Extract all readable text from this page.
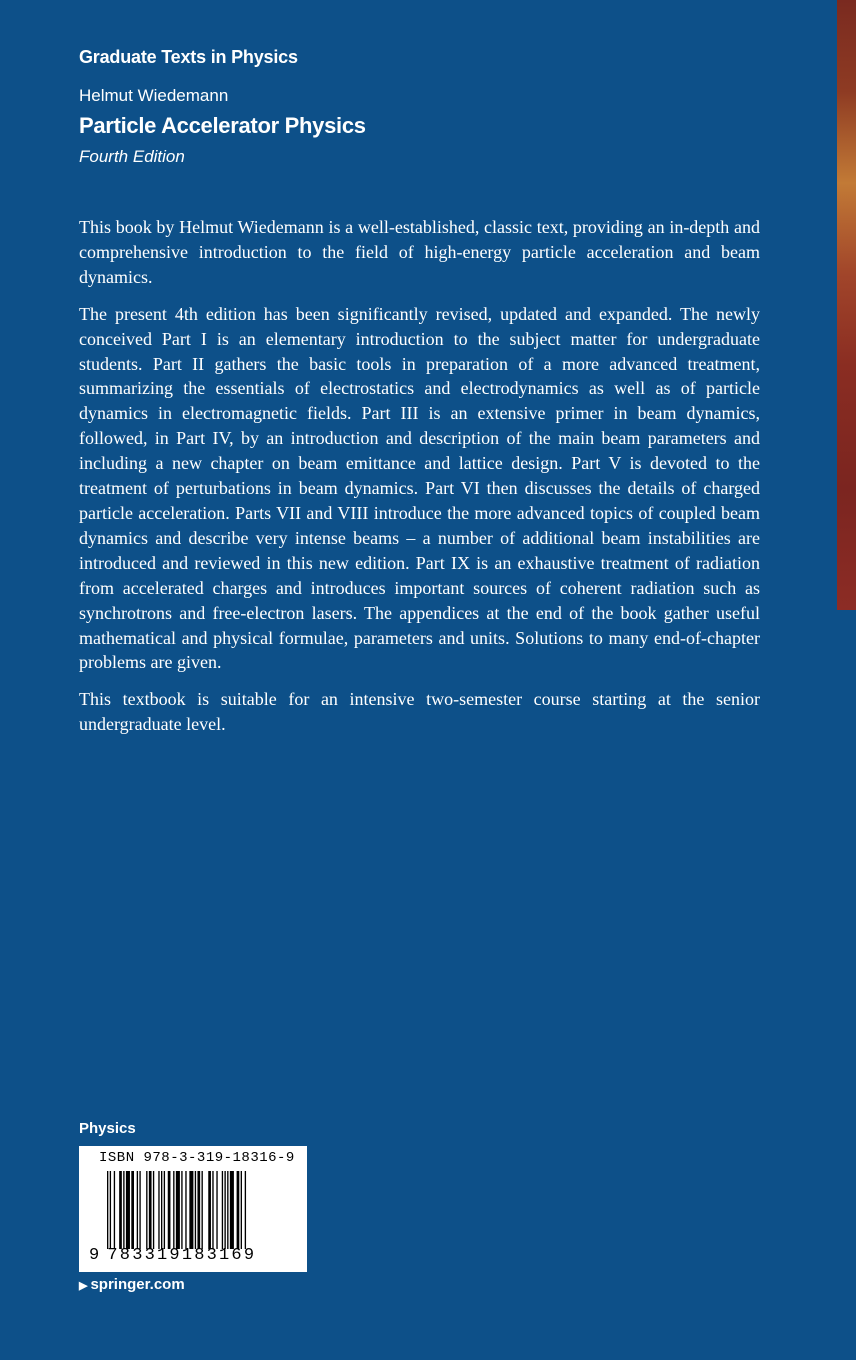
Graduate Texts in Physics
Helmut Wiedemann
Particle Accelerator Physics
Fourth Edition

This book by Helmut Wiedemann is a well-established, classic text, providing an in-depth and comprehensive introduction to the field of high-energy particle acceleration and beam dynamics.

The present 4th edition has been significantly revised, updated and expanded. The newly conceived Part I is an elementary introduction to the subject matter for undergraduate students. Part II gathers the basic tools in preparation of a more advanced treatment, summarizing the essentials of electrostatics and electrodynamics as well as of particle dynamics in electromagnetic fields. Part III is an extensive primer in beam dynamics, followed, in Part IV, by an introduction and description of the main beam parameters and including a new chapter on beam emittance and lattice design. Part V is devoted to the treatment of perturbations in beam dynamics. Part VI then discusses the details of charged particle acceleration. Parts VII and VIII introduce the more advanced topics of coupled beam dynamics and describe very intense beams – a number of additional beam instabilities are introduced and reviewed in this new edition. Part IX is an exhaustive treatment of radiation from accelerated charges and introduces important sources of coherent radiation such as synchrotrons and free-electron lasers. The appendices at the end of the book gather useful mathematical and physical formulae, parameters and units. Solutions to many end-of-chapter problems are given.

This textbook is suitable for an intensive two-semester course starting at the senior undergraduate level.

Physics
ISBN 978-3-319-18316-9
9 783319183169
▶ springer.com
